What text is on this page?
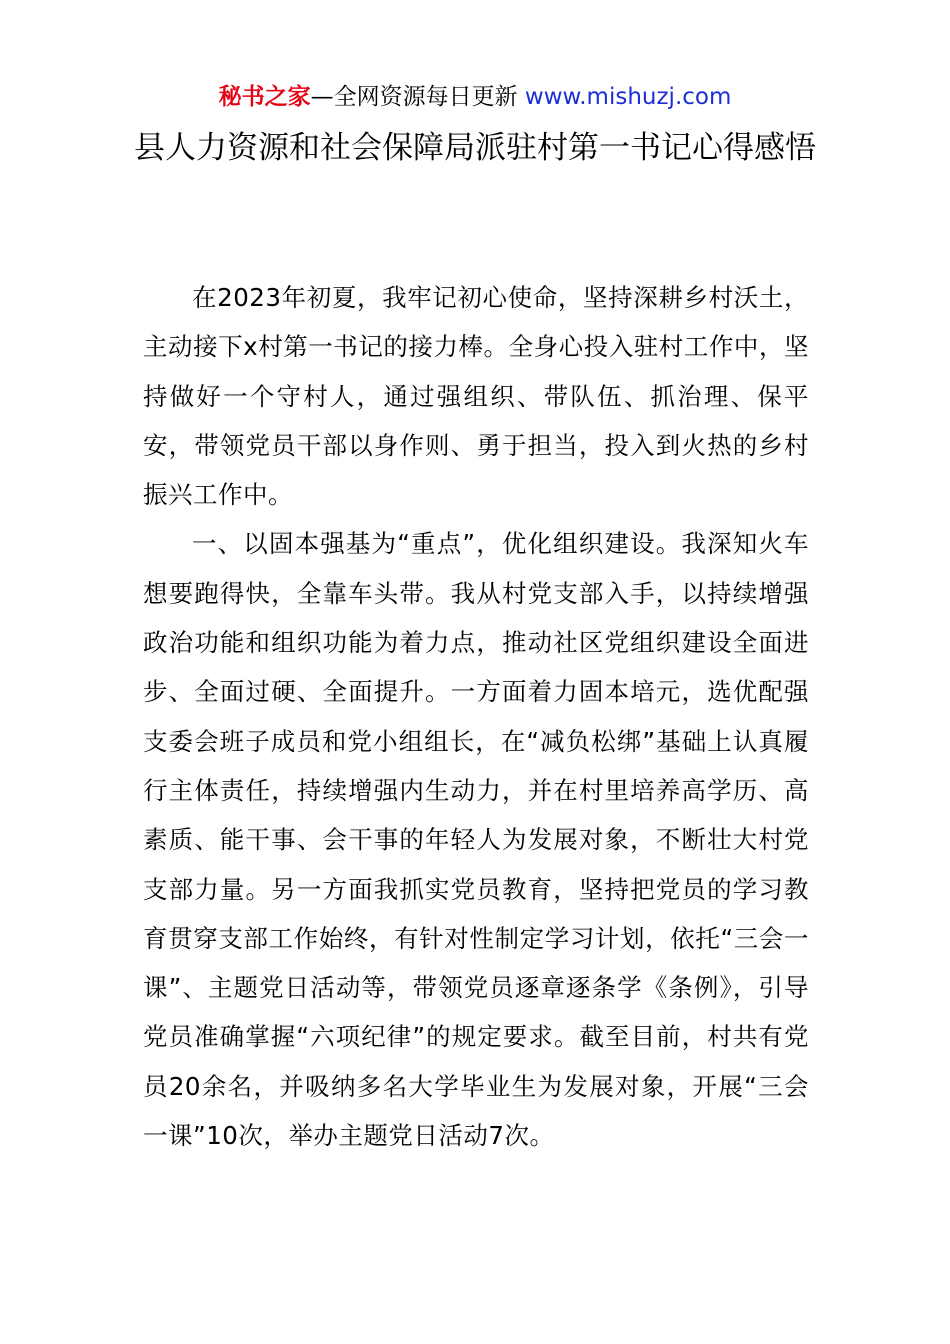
秘书之家—全网资源每日更新 www.mishuzj.com
县人力资源和社会保障局派驻村第一书记心得感悟

在2023年初夏，我牢记初心使命，坚持深耕乡村沃土，主动接下x村第一书记的接力棒。全身心投入驻村工作中，坚持做好一个守村人，通过强组织、带队伍、抓治理、保平安，带领党员干部以身作则、勇于担当，投入到火热的乡村振兴工作中。

一、以固本强基为“重点”，优化组织建设。我深知火车想要跑得快，全靠车头带。我从村党支部入手，以持续增强政治功能和组织功能为着力点，推动社区党组织建设全面进步、全面过硬、全面提升。一方面着力固本培元，选优配强支委会班子成员和党小组组长，在“减负松绑”基础上认真履行主体责任，持续增强内生动力，并在村里培养高学历、高素质、能干事、会干事的年轻人为发展对象，不断壮大村党支部力量。另一方面我抓实党员教育，坚持把党员的学习教育贯穿支部工作始终，有针对性制定学习计划，依托“三会一课”、主题党日活动等，带领党员逐章逐条学《条例》，引导党员准确掌握“六项纪律”的规定要求。截至目前，村共有党员20余名，并吸纳多名大学毕业生为发展对象，开展“三会一课”10次，举办主题党日活动7次。
